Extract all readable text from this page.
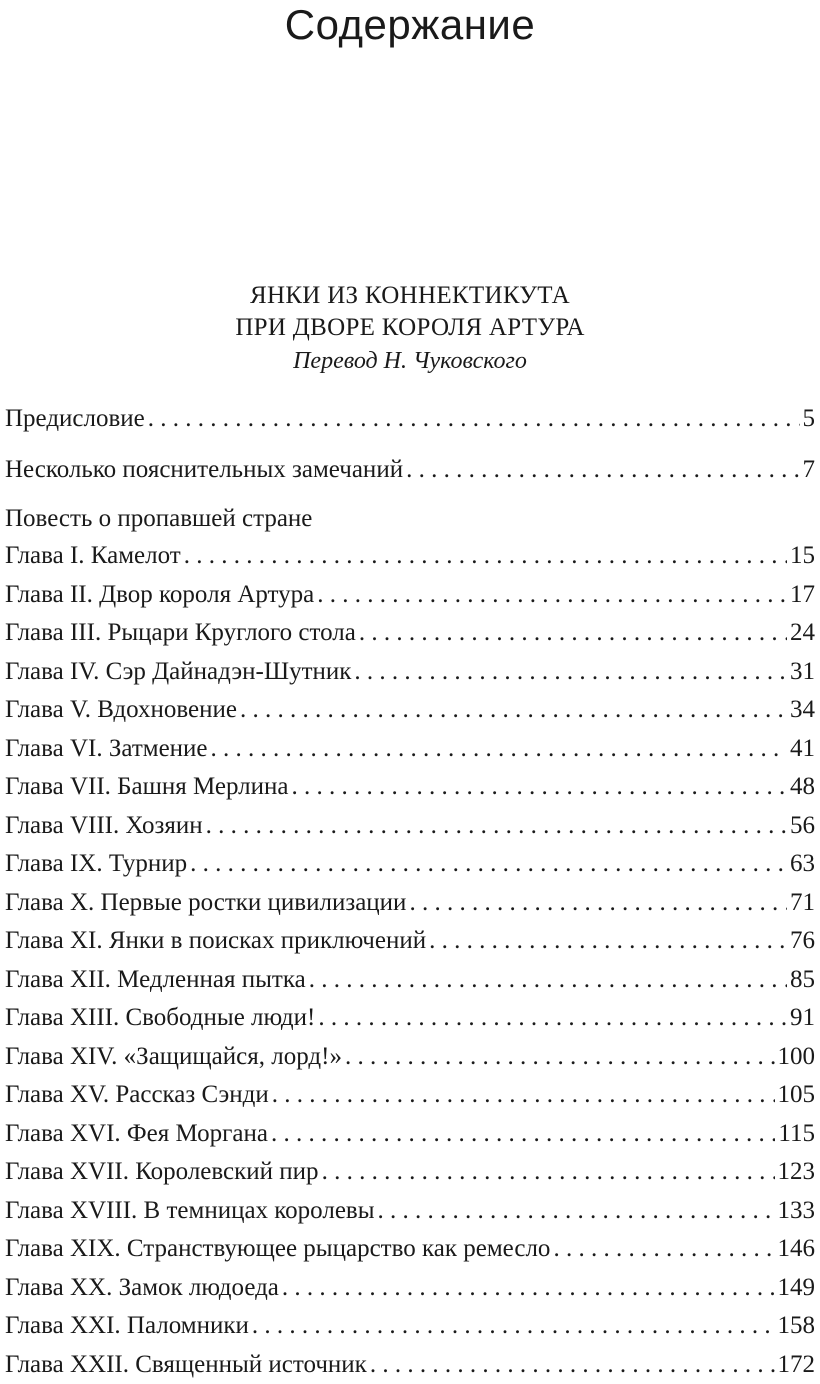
Содержание
ЯНКИ ИЗ КОННЕКТИКУТА
ПРИ ДВОРЕ КОРОЛЯ АРТУРА
Перевод Н. Чуковского
Предисловие . . .	5
Несколько пояснительных замечаний . . .	7
Повесть о пропавшей стране
Глава I. Камелот . . .	15
Глава II. Двор короля Артура . . .	17
Глава III. Рыцари Круглого стола . . .	24
Глава IV. Сэр Дайнадэн-Шутник . . .	31
Глава V. Вдохновение . . .	34
Глава VI. Затмение . . .	41
Глава VII. Башня Мерлина . . .	48
Глава VIII. Хозяин . . .	56
Глава IX. Турнир . . .	63
Глава X. Первые ростки цивилизации . . .	71
Глава XI. Янки в поисках приключений . . .	76
Глава XII. Медленная пытка . . .	85
Глава XIII. Свободные люди! . . .	91
Глава XIV. «Защищайся, лорд!» . . .	100
Глава XV. Рассказ Сэнди . . .	105
Глава XVI. Фея Моргана . . .	115
Глава XVII. Королевский пир . . .	123
Глава XVIII. В темницах королевы . . .	133
Глава XIX. Странствующее рыцарство как ремесло . . .	146
Глава XX. Замок людоеда . . .	149
Глава XXI. Паломники . . .	158
Глава XXII. Священный источник . . .	172
